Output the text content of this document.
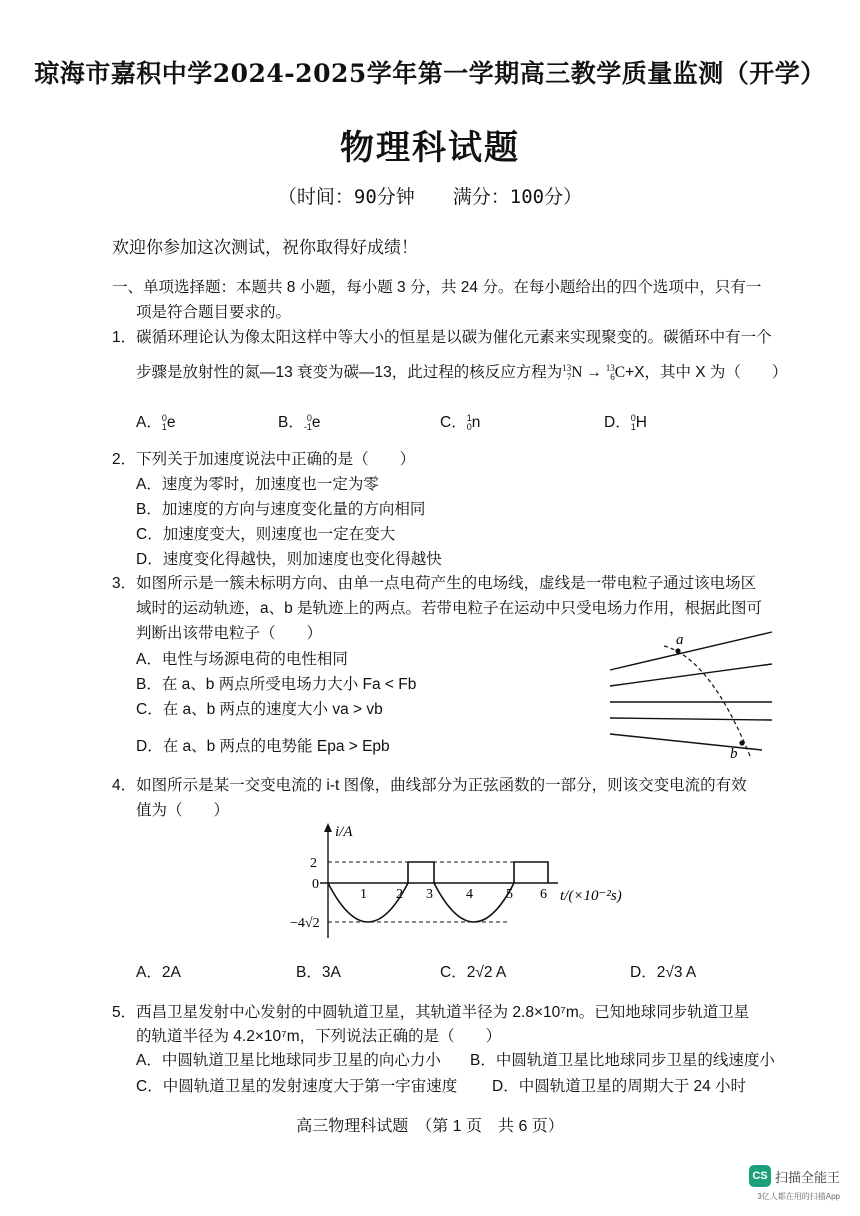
琼海市嘉积中学2024-2025学年第一学期高三教学质量监测（开学）
物理科试题
（时间：90分钟　　满分：100分）
欢迎你参加这次测试，祝你取得好成绩！
一、单项选择题：本题共 8 小题，每小题 3 分，共 24 分。在每小题给出的四个选项中，只有一
项是符合题目要求的。
1．碳循环理论认为像太阳这样中等大小的恒星是以碳为催化元素来实现聚变的。碳循环中有一个
步骤是放射性的氮—13 衰变为碳—13，此过程的核反应方程为13
7N → 13
6C+X，其中 X 为（　　）
A．0
1e	B． 0
-1e	C．1
0n	D．0
1H
2．下列关于加速度说法中正确的是（　　）
A．速度为零时，加速度也一定为零
B．加速度的方向与速度变化量的方向相同
C．加速度变大，则速度也一定在变大
D．速度变化得越快，则加速度也变化得越快
3．如图所示是一簇未标明方向、由单一点电荷产生的电场线，虚线是一带电粒子通过该电场区
域时的运动轨迹，a、b 是轨迹上的两点。若带电粒子在运动中只受电场力作用，根据此图可
判断出该带电粒子（　　）
A．电性与场源电荷的电性相同
B．在 a、b 两点所受电场力大小 Fa < Fb
C．在 a、b 两点的速度大小 va > vb
D．在 a、b 两点的电势能 Epa > Epb
a
b
4．如图所示是某一交变电流的 i-t 图像，曲线部分为正弦函数的一部分，则该交变电流的有效
值为（　　）
i/A
0
2
−4√2
1 2 3 4 5 6 t/(×10⁻²s)
A．2A	B．3A	C．2√2 A	D．2√3 A
5．西昌卫星发射中心发射的中圆轨道卫星，其轨道半径为 2.8×10⁷m。已知地球同步轨道卫星
的轨道半径为 4.2×10⁷m，下列说法正确的是（　　）
A．中圆轨道卫星比地球同步卫星的向心力小 B．中圆轨道卫星比地球同步卫星的线速度小
C．中圆轨道卫星的发射速度大于第一宇宙速度 D．中圆轨道卫星的周期大于 24 小时
高三物理科试题　（第 1 页　共 6 页）
CS 扫描全能王
3亿人都在用的扫描App
